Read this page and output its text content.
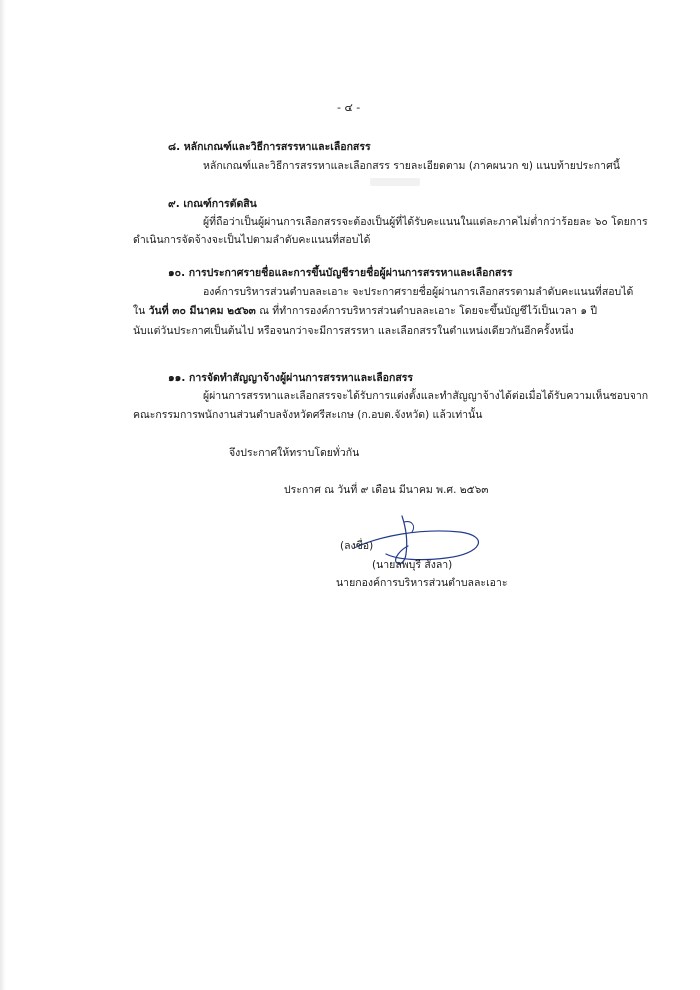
- ๔ -
๘. หลักเกณฑ์และวิธีการสรรหาและเลือกสรร
หลักเกณฑ์และวิธีการสรรหาและเลือกสรร รายละเอียดตาม (ภาคผนวก ข) แนบท้ายประกาศนี้
๙. เกณฑ์การตัดสิน
ผู้ที่ถือว่าเป็นผู้ผ่านการเลือกสรรจะต้องเป็นผู้ที่ได้รับคะแนนในแต่ละภาคไม่ต่ำกว่าร้อยละ ๖๐ โดยการ
ดำเนินการจัดจ้างจะเป็นไปตามลำดับคะแนนที่สอบได้
๑๐. การประกาศรายชื่อและการขึ้นบัญชีรายชื่อผู้ผ่านการสรรหาและเลือกสรร
องค์การบริหารส่วนตำบลละเอาะ จะประกาศรายชื่อผู้ผ่านการเลือกสรรตามลำดับคะแนนที่สอบได้
ใน วันที่ ๓๐ มีนาคม ๒๕๖๓ ณ ที่ทำการองค์การบริหารส่วนตำบลละเอาะ โดยจะขึ้นบัญชีไว้เป็นเวลา ๑ ปี
นับแต่วันประกาศเป็นต้นไป หรือจนกว่าจะมีการสรรหา และเลือกสรรในตำแหน่งเดียวกันอีกครั้งหนึ่ง
๑๑. การจัดทำสัญญาจ้างผู้ผ่านการสรรหาและเลือกสรร
ผู้ผ่านการสรรหาและเลือกสรรจะได้รับการแต่งตั้งและทำสัญญาจ้างได้ต่อเมื่อได้รับความเห็นชอบจาก
คณะกรรมการพนักงานส่วนตำบลจังหวัดศรีสะเกษ (ก.อบต.จังหวัด) แล้วเท่านั้น
จึงประกาศให้ทราบโดยทั่วกัน
ประกาศ ณ วันที่ ๙ เดือน มีนาคม พ.ศ. ๒๕๖๓
(ลงชื่อ)
(นายลพบุรี สังลา)
นายกองค์การบริหารส่วนตำบลละเอาะ
